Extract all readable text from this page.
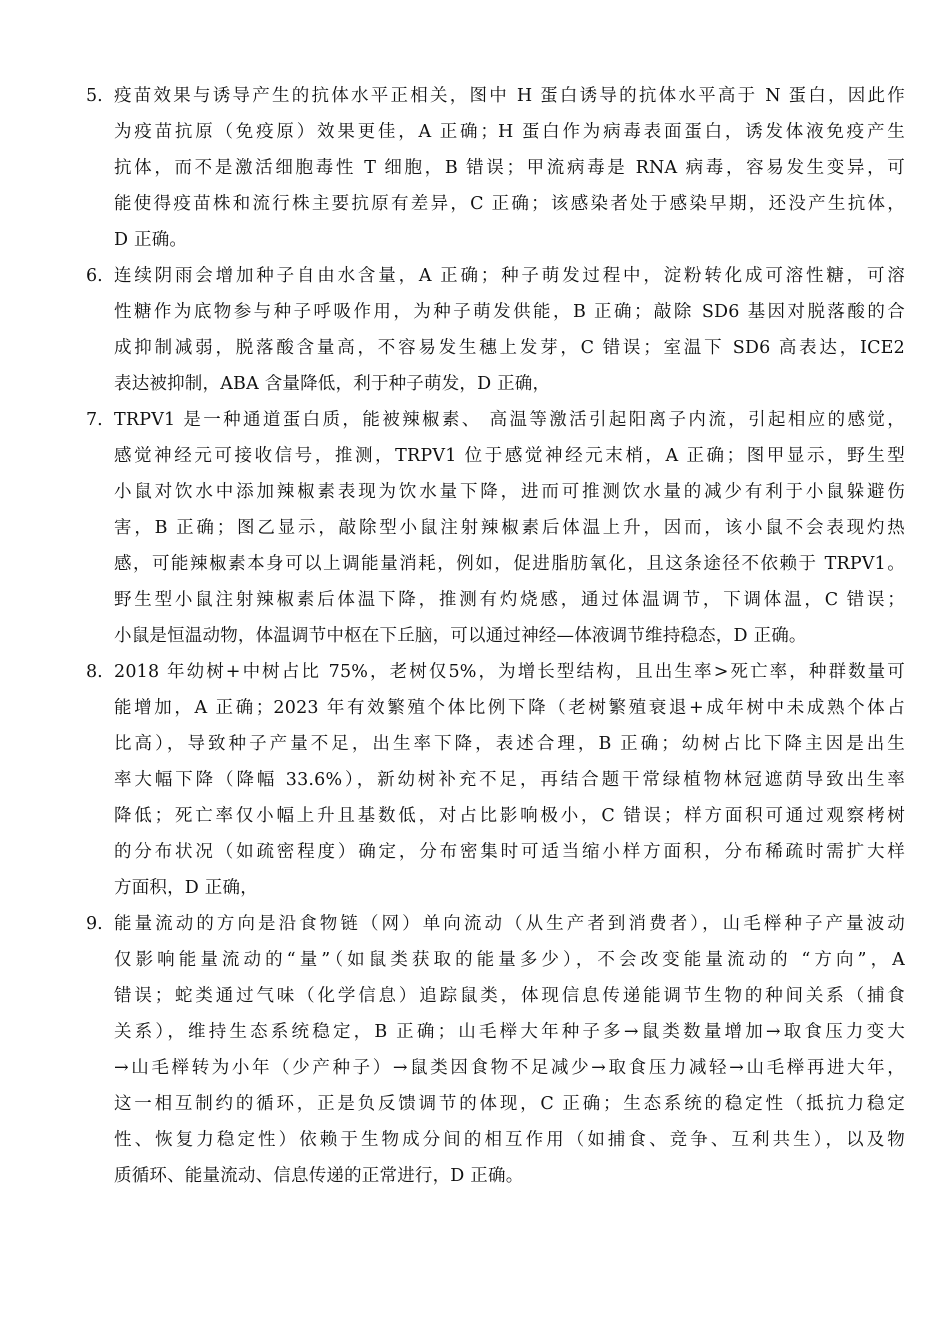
5. 疫苗效果与诱导产生的抗体水平正相关，图中 H 蛋白诱导的抗体水平高于 N 蛋白，因此作
为疫苗抗原（免疫原）效果更佳，A 正确；H 蛋白作为病毒表面蛋白，诱发体液免疫产生
抗体，而不是激活细胞毒性 T 细胞，B 错误；甲流病毒是 RNA 病毒，容易发生变异，可
能使得疫苗株和流行株主要抗原有差异，C 正确；该感染者处于感染早期，还没产生抗体，
D 正确。
6. 连续阴雨会增加种子自由水含量，A 正确；种子萌发过程中，淀粉转化成可溶性糖，可溶
性糖作为底物参与种子呼吸作用，为种子萌发供能，B 正确；敲除 SD6 基因对脱落酸的合
成抑制减弱，脱落酸含量高，不容易发生穗上发芽，C 错误；室温下 SD6 高表达，ICE2
表达被抑制，ABA 含量降低，利于种子萌发，D 正确，
7. TRPV1 是一种通道蛋白质，能被辣椒素、 高温等激活引起阳离子内流，引起相应的感觉，
感觉神经元可接收信号，推测，TRPV1 位于感觉神经元末梢，A 正确；图甲显示，野生型
小鼠对饮水中添加辣椒素表现为饮水量下降，进而可推测饮水量的减少有利于小鼠躲避伤
害，B 正确；图乙显示，敲除型小鼠注射辣椒素后体温上升，因而，该小鼠不会表现灼热
感，可能辣椒素本身可以上调能量消耗，例如，促进脂肪氧化，且这条途径不依赖于 TRPV1。
野生型小鼠注射辣椒素后体温下降，推测有灼烧感，通过体温调节，下调体温，C 错误；
小鼠是恒温动物，体温调节中枢在下丘脑，可以通过神经—体液调节维持稳态，D 正确。
8. 2018 年幼树+中树占比 75%，老树仅5%，为增长型结构，且出生率>死亡率，种群数量可
能增加，A 正确；2023 年有效繁殖个体比例下降（老树繁殖衰退+成年树中未成熟个体占
比高），导致种子产量不足，出生率下降，表述合理，B 正确；幼树占比下降主因是出生
率大幅下降（降幅 33.6%），新幼树补充不足，再结合题干常绿植物林冠遮荫导致出生率
降低；死亡率仅小幅上升且基数低，对占比影响极小，C 错误；样方面积可通过观察栲树
的分布状况（如疏密程度）确定，分布密集时可适当缩小样方面积，分布稀疏时需扩大样
方面积，D 正确，
9. 能量流动的方向是沿食物链（网）单向流动（从生产者到消费者），山毛榉种子产量波动
仅影响能量流动的“量”（如鼠类获取的能量多少），不会改变能量流动的 “方向”，A
错误；蛇类通过气味（化学信息）追踪鼠类，体现信息传递能调节生物的种间关系（捕食
关系），维持生态系统稳定，B 正确；山毛榉大年种子多→鼠类数量增加→取食压力变大
→山毛榉转为小年（少产种子）→鼠类因食物不足减少→取食压力减轻→山毛榉再进大年，
这一相互制约的循环，正是负反馈调节的体现，C 正确；生态系统的稳定性（抵抗力稳定
性、恢复力稳定性）依赖于生物成分间的相互作用（如捕食、竞争、互利共生），以及物
质循环、能量流动、信息传递的正常进行，D 正确。
